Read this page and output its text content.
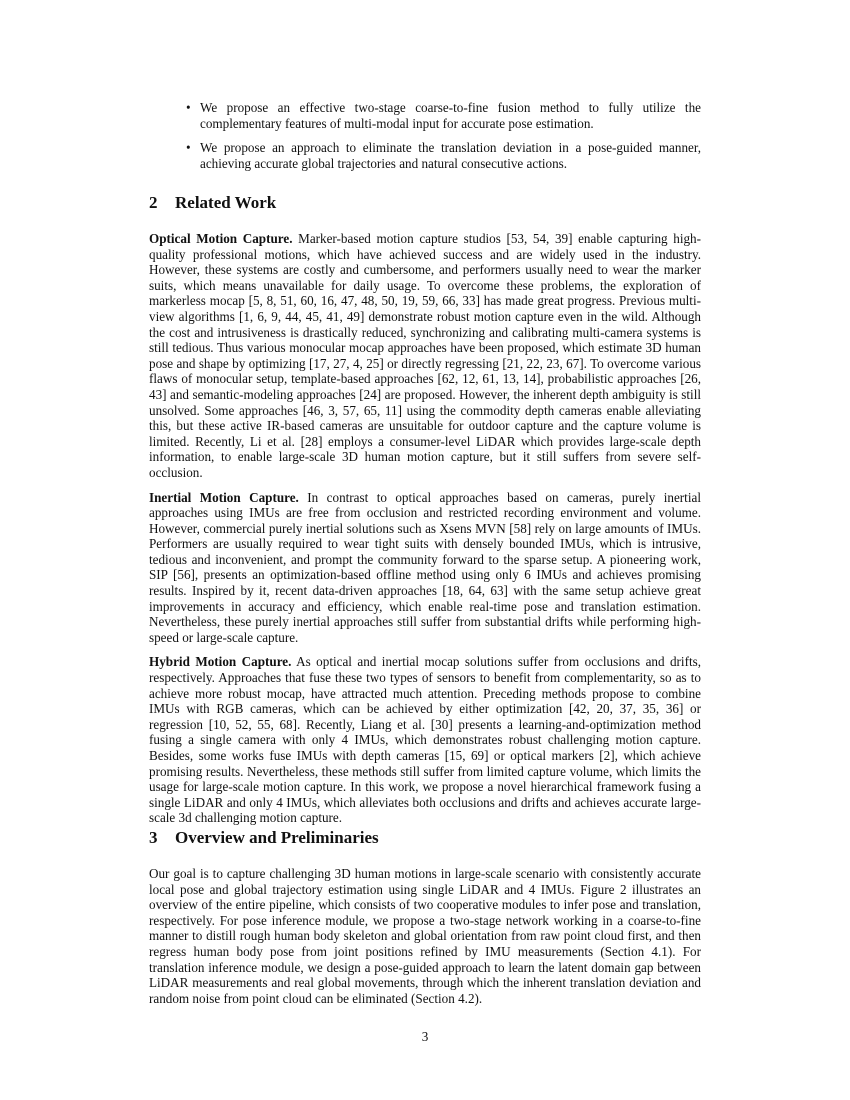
• We propose an effective two-stage coarse-to-fine fusion method to fully utilize the complementary features of multi-modal input for accurate pose estimation.
• We propose an approach to eliminate the translation deviation in a pose-guided manner, achieving accurate global trajectories and natural consecutive actions.
2 Related Work

Optical Motion Capture. Marker-based motion capture studios [53, 54, 39] enable capturing high-quality professional motions, which have achieved success and are widely used in the industry. However, these systems are costly and cumbersome, and performers usually need to wear the marker suits, which means unavailable for daily usage. To overcome these problems, the exploration of markerless mocap [5, 8, 51, 60, 16, 47, 48, 50, 19, 59, 66, 33] has made great progress. Previous multi-view algorithms [1, 6, 9, 44, 45, 41, 49] demonstrate robust motion capture even in the wild. Although the cost and intrusiveness is drastically reduced, synchronizing and calibrating multi-camera systems is still tedious. Thus various monocular mocap approaches have been proposed, which estimate 3D human pose and shape by optimizing [17, 27, 4, 25] or directly regressing [21, 22, 23, 67]. To overcome various flaws of monocular setup, template-based approaches [62, 12, 61, 13, 14], probabilistic approaches [26, 43] and semantic-modeling approaches [24] are proposed. However, the inherent depth ambiguity is still unsolved. Some approaches [46, 3, 57, 65, 11] using the commodity depth cameras enable alleviating this, but these active IR-based cameras are unsuitable for outdoor capture and the capture volume is limited. Recently, Li et al. [28] employs a consumer-level LiDAR which provides large-scale depth information, to enable large-scale 3D human motion capture, but it still suffers from severe self-occlusion.

Inertial Motion Capture. In contrast to optical approaches based on cameras, purely inertial approaches using IMUs are free from occlusion and restricted recording environment and volume. However, commercial purely inertial solutions such as Xsens MVN [58] rely on large amounts of IMUs. Performers are usually required to wear tight suits with densely bounded IMUs, which is intrusive, tedious and inconvenient, and prompt the community forward to the sparse setup. A pioneering work, SIP [56], presents an optimization-based offline method using only 6 IMUs and achieves promising results. Inspired by it, recent data-driven approaches [18, 64, 63] with the same setup achieve great improvements in accuracy and efficiency, which enable real-time pose and translation estimation. Nevertheless, these purely inertial approaches still suffer from substantial drifts while performing high-speed or large-scale capture.

Hybrid Motion Capture. As optical and inertial mocap solutions suffer from occlusions and drifts, respectively. Approaches that fuse these two types of sensors to benefit from complementarity, so as to achieve more robust mocap, have attracted much attention. Preceding methods propose to combine IMUs with RGB cameras, which can be achieved by either optimization [42, 20, 37, 35, 36] or regression [10, 52, 55, 68]. Recently, Liang et al. [30] presents a learning-and-optimization method fusing a single camera with only 4 IMUs, which demonstrates robust challenging motion capture. Besides, some works fuse IMUs with depth cameras [15, 69] or optical markers [2], which achieve promising results. Nevertheless, these methods still suffer from limited capture volume, which limits the usage for large-scale motion capture. In this work, we propose a novel hierarchical framework fusing a single LiDAR and only 4 IMUs, which alleviates both occlusions and drifts and achieves accurate large-scale 3d challenging motion capture.

3 Overview and Preliminaries

Our goal is to capture challenging 3D human motions in large-scale scenario with consistently accurate local pose and global trajectory estimation using single LiDAR and 4 IMUs. Figure 2 illustrates an overview of the entire pipeline, which consists of two cooperative modules to infer pose and translation, respectively. For pose inference module, we propose a two-stage network working in a coarse-to-fine manner to distill rough human body skeleton and global orientation from raw point cloud first, and then regress human body pose from joint positions refined by IMU measurements (Section 4.1). For translation inference module, we design a pose-guided approach to learn the latent domain gap between LiDAR measurements and real global movements, through which the inherent translation deviation and random noise from point cloud can be eliminated (Section 4.2).

3
